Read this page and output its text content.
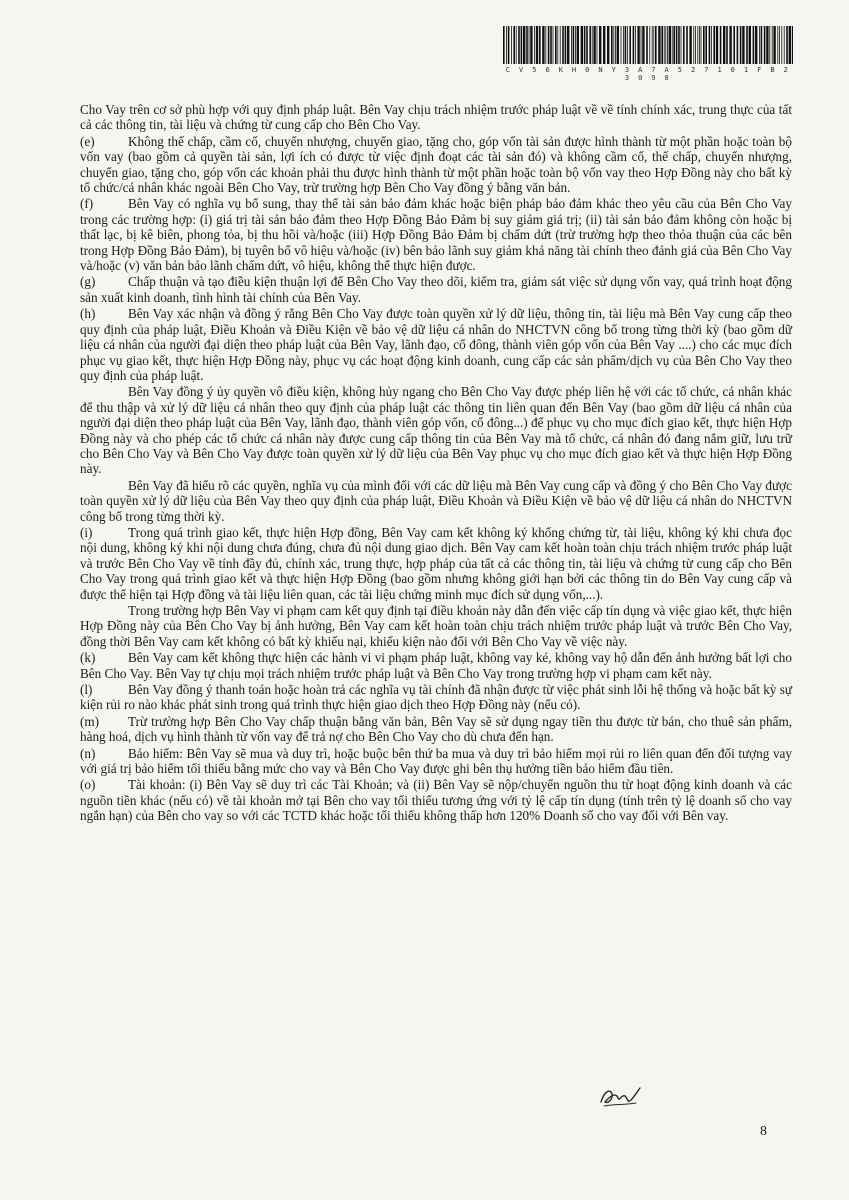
C V 5 6 K H 0 N Y 3 A 7 A 5 2 7 1 0 1 F B 2 3 0 9 8

Cho Vay trên cơ sở phù hợp với quy định pháp luật. Bên Vay chịu trách nhiệm trước pháp luật về về tính chính xác, trung thực của tất cả các thông tin, tài liệu và chứng từ cung cấp cho Bên Cho Vay.

(e)	Không thế chấp, cầm cố, chuyển nhượng, chuyển giao, tặng cho, góp vốn tài sản được hình thành từ một phần hoặc toàn bộ vốn vay (bao gồm cả quyền tài sản, lợi ích có được từ việc định đoạt các tài sản đó) và không cầm cố, thế chấp, chuyển nhượng, chuyển giao, tặng cho, góp vốn các khoản phải thu được hình thành từ một phần hoặc toàn bộ vốn vay theo Hợp Đồng này cho bất kỳ tổ chức/cá nhân khác ngoài Bên Cho Vay, trừ trường hợp Bên Cho Vay đồng ý bằng văn bản.

(f)	Bên Vay có nghĩa vụ bổ sung, thay thế tài sản bảo đảm khác hoặc biện pháp bảo đảm khác theo yêu cầu của Bên Cho Vay trong các trường hợp: (i) giá trị tài sản bảo đảm theo Hợp Đồng Bảo Đảm bị suy giảm giá trị; (ii) tài sản bảo đảm không còn hoặc bị thất lạc, bị kê biên, phong tỏa, bị thu hồi và/hoặc (iii) Hợp Đồng Bảo Đảm bị chấm dứt (trừ trường hợp theo thỏa thuận của các bên trong Hợp Đồng Bảo Đảm), bị tuyên bố vô hiệu và/hoặc (iv) bên bảo lãnh suy giảm khả năng tài chính theo đánh giá của Bên Cho Vay và/hoặc (v) văn bản bảo lãnh chấm dứt, vô hiệu, không thể thực hiện được.

(g) Chấp thuận và tạo điều kiện thuận lợi để Bên Cho Vay theo dõi, kiểm tra, giám sát việc sử dụng vốn vay, quá trình hoạt động sản xuất kinh doanh, tình hình tài chính của Bên Vay.

(h) Bên Vay xác nhận và đồng ý rằng Bên Cho Vay được toàn quyền xử lý dữ liệu, thông tin, tài liệu mà Bên Vay cung cấp theo quy định của pháp luật, Điều Khoản và Điều Kiện về bảo vệ dữ liệu cá nhân do NHCTVN công bố trong từng thời kỳ (bao gồm dữ liệu cá nhân của người đại diện theo pháp luật của Bên Vay, lãnh đạo, cổ đông, thành viên góp vốn của Bên Vay ....) cho các mục đích phục vụ giao kết, thực hiện Hợp Đồng này, phục vụ các hoạt động kinh doanh, cung cấp các sản phẩm/dịch vụ của Bên Cho Vay theo quy định của pháp luật.

Bên Vay đồng ý ủy quyền vô điều kiện, không hủy ngang cho Bên Cho Vay được phép liên hệ với các tổ chức, cá nhân khác để thu thập và xử lý dữ liệu cá nhân theo quy định của pháp luật các thông tin liên quan đến Bên Vay (bao gồm dữ liệu cá nhân của người đại diện theo pháp luật của Bên Vay, lãnh đạo, thành viên góp vốn, cổ đông...) để phục vụ cho mục đích giao kết, thực hiện Hợp Đồng này và cho phép các tổ chức cá nhân này được cung cấp thông tin của Bên Vay mà tổ chức, cá nhân đó đang nắm giữ, lưu trữ cho Bên Cho Vay và Bên Cho Vay được toàn quyền xử lý dữ liệu của Bên Vay phục vụ cho mục đích giao kết và thực hiện Hợp Đồng này.

Bên Vay đã hiểu rõ các quyền, nghĩa vụ của mình đối với các dữ liệu mà Bên Vay cung cấp và đồng ý cho Bên Cho Vay được toàn quyền xử lý dữ liệu của Bên Vay theo quy định của pháp luật, Điều Khoản và Điều Kiện về bảo vệ dữ liệu cá nhân do NHCTVN công bố trong từng thời kỳ.

(i)	Trong quá trình giao kết, thực hiện Hợp đồng, Bên Vay cam kết không ký khống chứng từ, tài liệu, không ký khi chưa đọc nội dung, không ký khi nội dung chưa đúng, chưa đủ nội dung giao dịch. Bên Vay cam kết hoàn toàn chịu trách nhiệm trước pháp luật và trước Bên Cho Vay về tính đầy đủ, chính xác, trung thực, hợp pháp của tất cả các thông tin, tài liệu và chứng từ cung cấp cho Bên Cho Vay trong quá trình giao kết và thực hiện Hợp Đồng (bao gồm nhưng không giới hạn bởi các thông tin do Bên Vay cung cấp và được thể hiện tại Hợp đồng và tài liệu liên quan, các tài liệu chứng minh mục đích sử dụng vốn,...).

Trong trường hợp Bên Vay vi phạm cam kết quy định tại điều khoản này dẫn đến việc cấp tín dụng và việc giao kết, thực hiện Hợp Đồng này của Bên Cho Vay bị ảnh hưởng, Bên Vay cam kết hoàn toàn chịu trách nhiệm trước pháp luật và trước Bên Cho Vay, đồng thời Bên Vay cam kết không có bất kỳ khiếu nại, khiếu kiện nào đối với Bên Cho Vay về việc này.

(k) Bên Vay cam kết không thực hiện các hành vi vi phạm pháp luật, không vay ké, không vay hộ dẫn đến ảnh hưởng bất lợi cho Bên Cho Vay. Bên Vay tự chịu mọi trách nhiệm trước pháp luật và Bên Cho Vay trong trường hợp vi phạm cam kết này.

(l)	Bên Vay đồng ý thanh toán hoặc hoàn trả các nghĩa vụ tài chính đã nhận được từ việc phát sinh lỗi hệ thống và hoặc bất kỳ sự kiện rủi ro nào khác phát sinh trong quá trình thực hiện giao dịch theo Hợp Đồng này (nếu có).

(m) Trừ trường hợp Bên Cho Vay chấp thuận bằng văn bản, Bên Vay sẽ sử dụng ngay tiền thu được từ bán, cho thuê sản phẩm, hàng hoá, dịch vụ hình thành từ vốn vay để trả nợ cho Bên Cho Vay cho dù chưa đến hạn.

(n) Bảo hiểm: Bên Vay sẽ mua và duy trì, hoặc buộc bên thứ ba mua và duy trì bảo hiểm mọi rủi ro liên quan đến đối tượng vay với giá trị bảo hiểm tối thiểu bằng mức cho vay và Bên Cho Vay được ghi bên thụ hưởng tiền bảo hiểm đầu tiên.

(o) Tài khoản: (i) Bên Vay sẽ duy trì các Tài Khoản; và (ii) Bên Vay sẽ nộp/chuyển nguồn thu từ hoạt động kinh doanh và các nguồn tiền khác (nếu có) về tài khoản mở tại Bên cho vay tối thiểu tương ứng với tỷ lệ cấp tín dụng (tính trên tỷ lệ doanh số cho vay ngắn hạn) của Bên cho vay so với các TCTD khác hoặc tối thiểu không thấp hơn 120% Doanh số cho vay đối với Bên vay.

8
